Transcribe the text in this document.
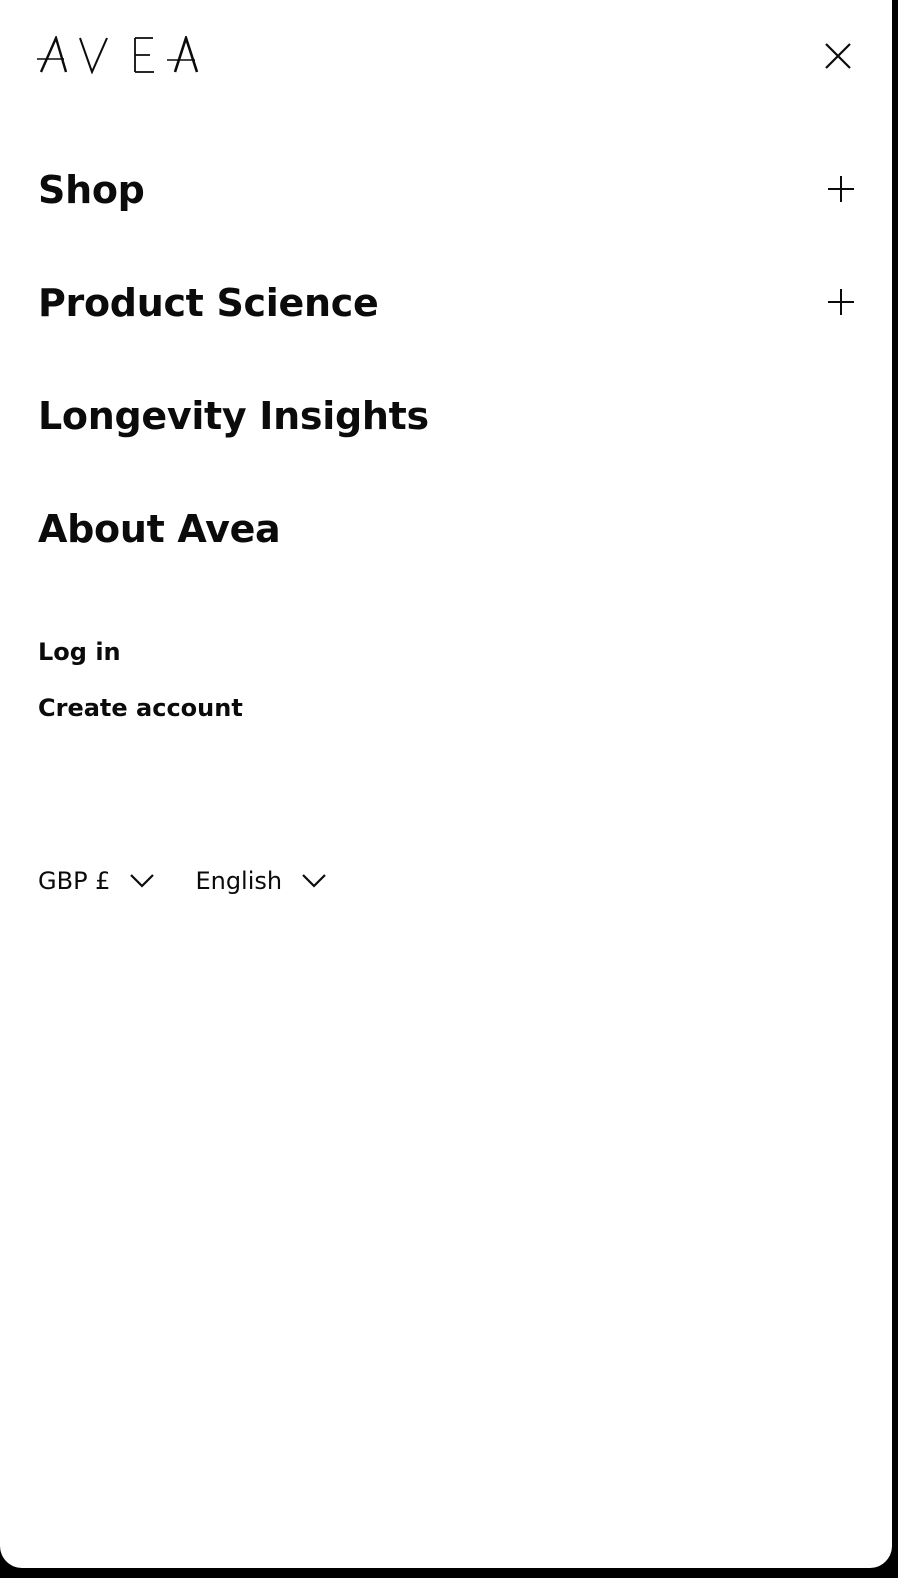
Shop
Product Science
Longevity Insights
About Avea
Log in
Create account
GBP £	English
